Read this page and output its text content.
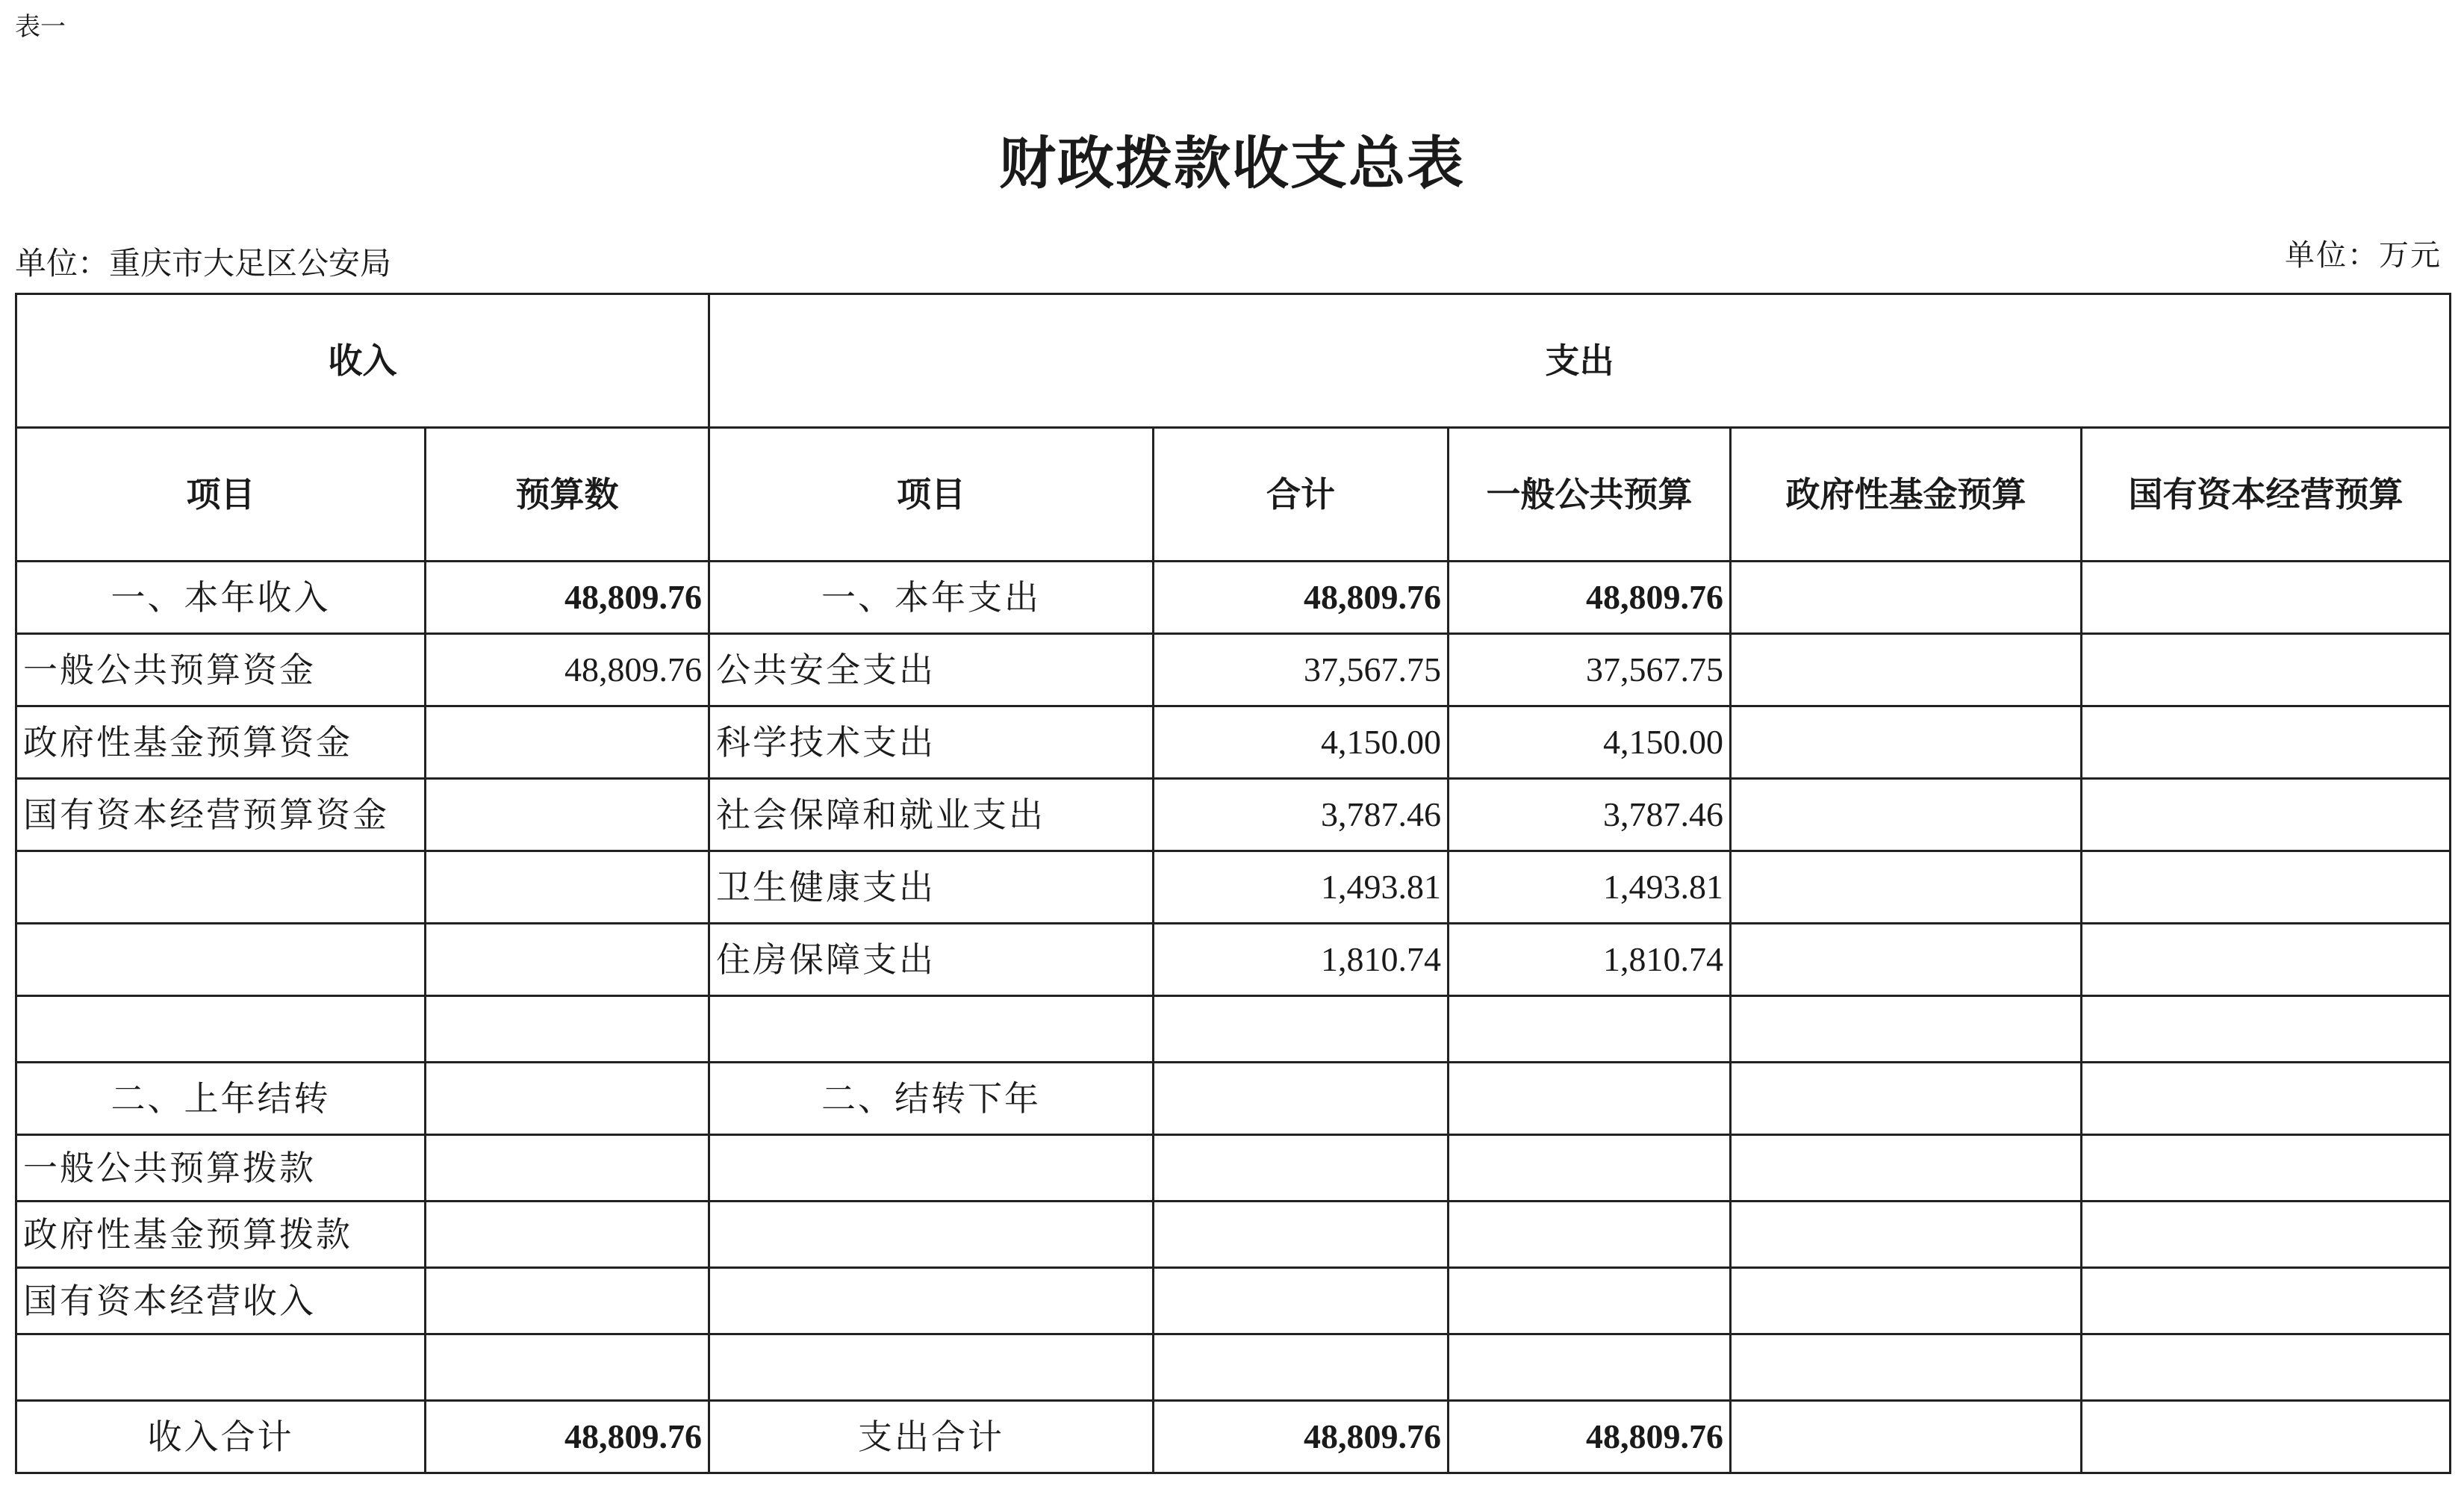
表一
财政拨款收支总表
单位：重庆市大足区公安局	单位：万元
收入		支出				
项目	预算数	项目	合计	一般公共预算	政府性基金预算	国有资本经营预算
一、本年收入	48,809.76	一、本年支出	48,809.76	48,809.76		
一般公共预算资金	48,809.76	公共安全支出	37,567.75	37,567.75		
政府性基金预算资金		科学技术支出	4,150.00	4,150.00		
国有资本经营预算资金		社会保障和就业支出	3,787.46	3,787.46		
		卫生健康支出	1,493.81	1,493.81		
		住房保障支出	1,810.74	1,810.74		

二、上年结转		二、结转下年				
一般公共预算拨款						
政府性基金预算拨款						
国有资本经营收入						

收入合计	48,809.76	支出合计	48,809.76	48,809.76		
